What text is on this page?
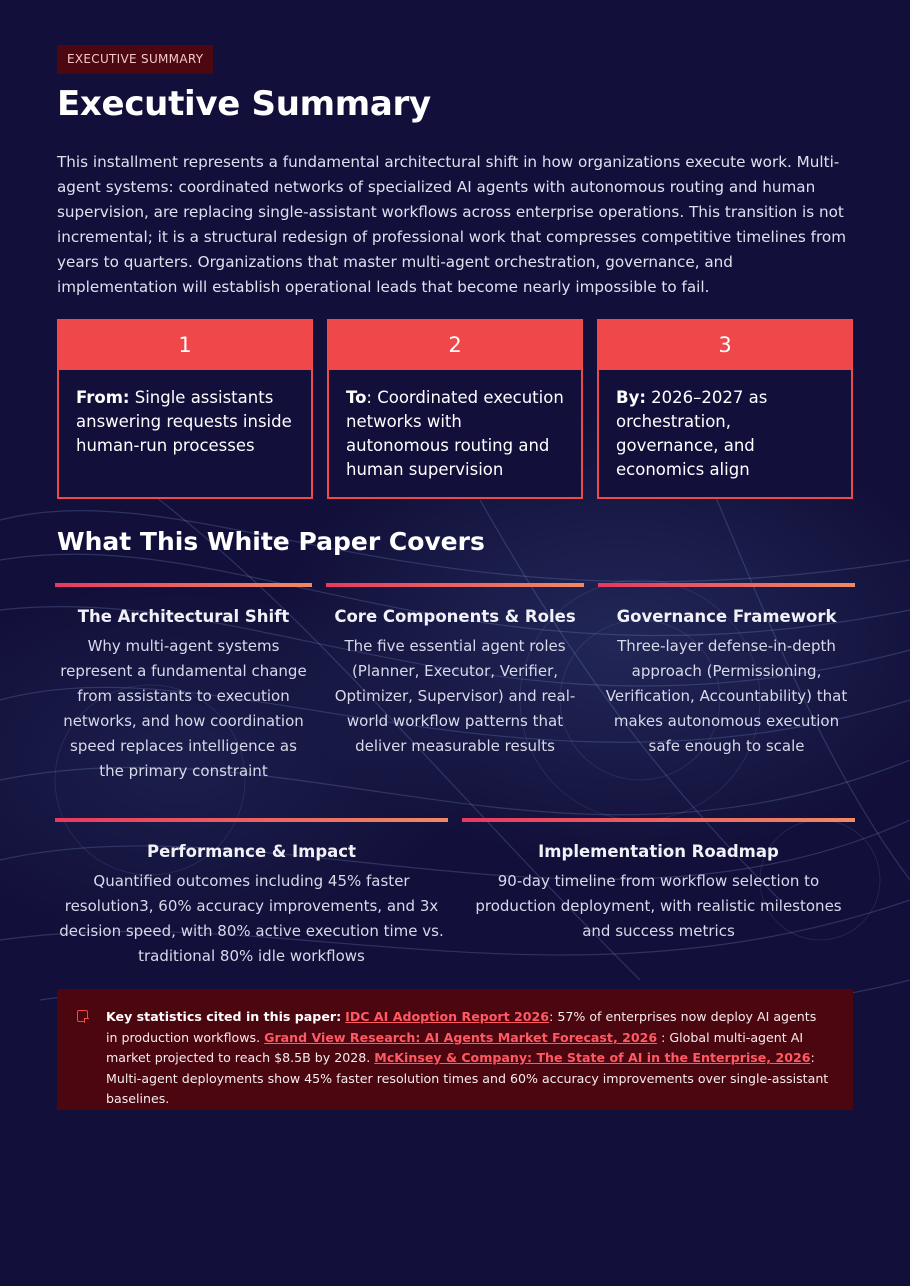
EXECUTIVE SUMMARY
Executive Summary

This installment represents a fundamental architectural shift in how organizations execute work. Multi-agent systems: coordinated networks of specialized AI agents with autonomous routing and human supervision, are replacing single-assistant workflows across enterprise operations. This transition is not incremental; it is a structural redesign of professional work that compresses competitive timelines from years to quarters. Organizations that master multi-agent orchestration, governance, and implementation will establish operational leads that become nearly impossible to fail.

1
From: Single assistants answering requests inside human-run processes
2
To: Coordinated execution networks with autonomous routing and human supervision
3
By: 2026–2027 as orchestration, governance, and economics align
What This White Paper Covers
The Architectural Shift

Why multi-agent systems represent a fundamental change from assistants to execution networks, and how coordination speed replaces intelligence as the primary constraint

Core Components & Roles

The five essential agent roles (Planner, Executor, Verifier, Optimizer, Supervisor) and real-world workflow patterns that deliver measurable results

Governance Framework

Three-layer defense-in-depth approach (Permissioning, Verification, Accountability) that makes autonomous execution safe enough to scale

Performance & Impact

Quantified outcomes including 45% faster resolution3, 60% accuracy improvements, and 3x decision speed, with 80% active execution time vs. traditional 80% idle workflows

Implementation Roadmap

90-day timeline from workflow selection to production deployment, with realistic milestones and success metrics

Key statistics cited in this paper: IDC AI Adoption Report 2026: 57% of enterprises now deploy AI agents in production workflows. Grand View Research: AI Agents Market Forecast, 2026 : Global multi-agent AI market projected to reach $8.5B by 2028. McKinsey & Company: The State of AI in the Enterprise, 2026: Multi-agent deployments show 45% faster resolution times and 60% accuracy improvements over single-assistant baselines.
